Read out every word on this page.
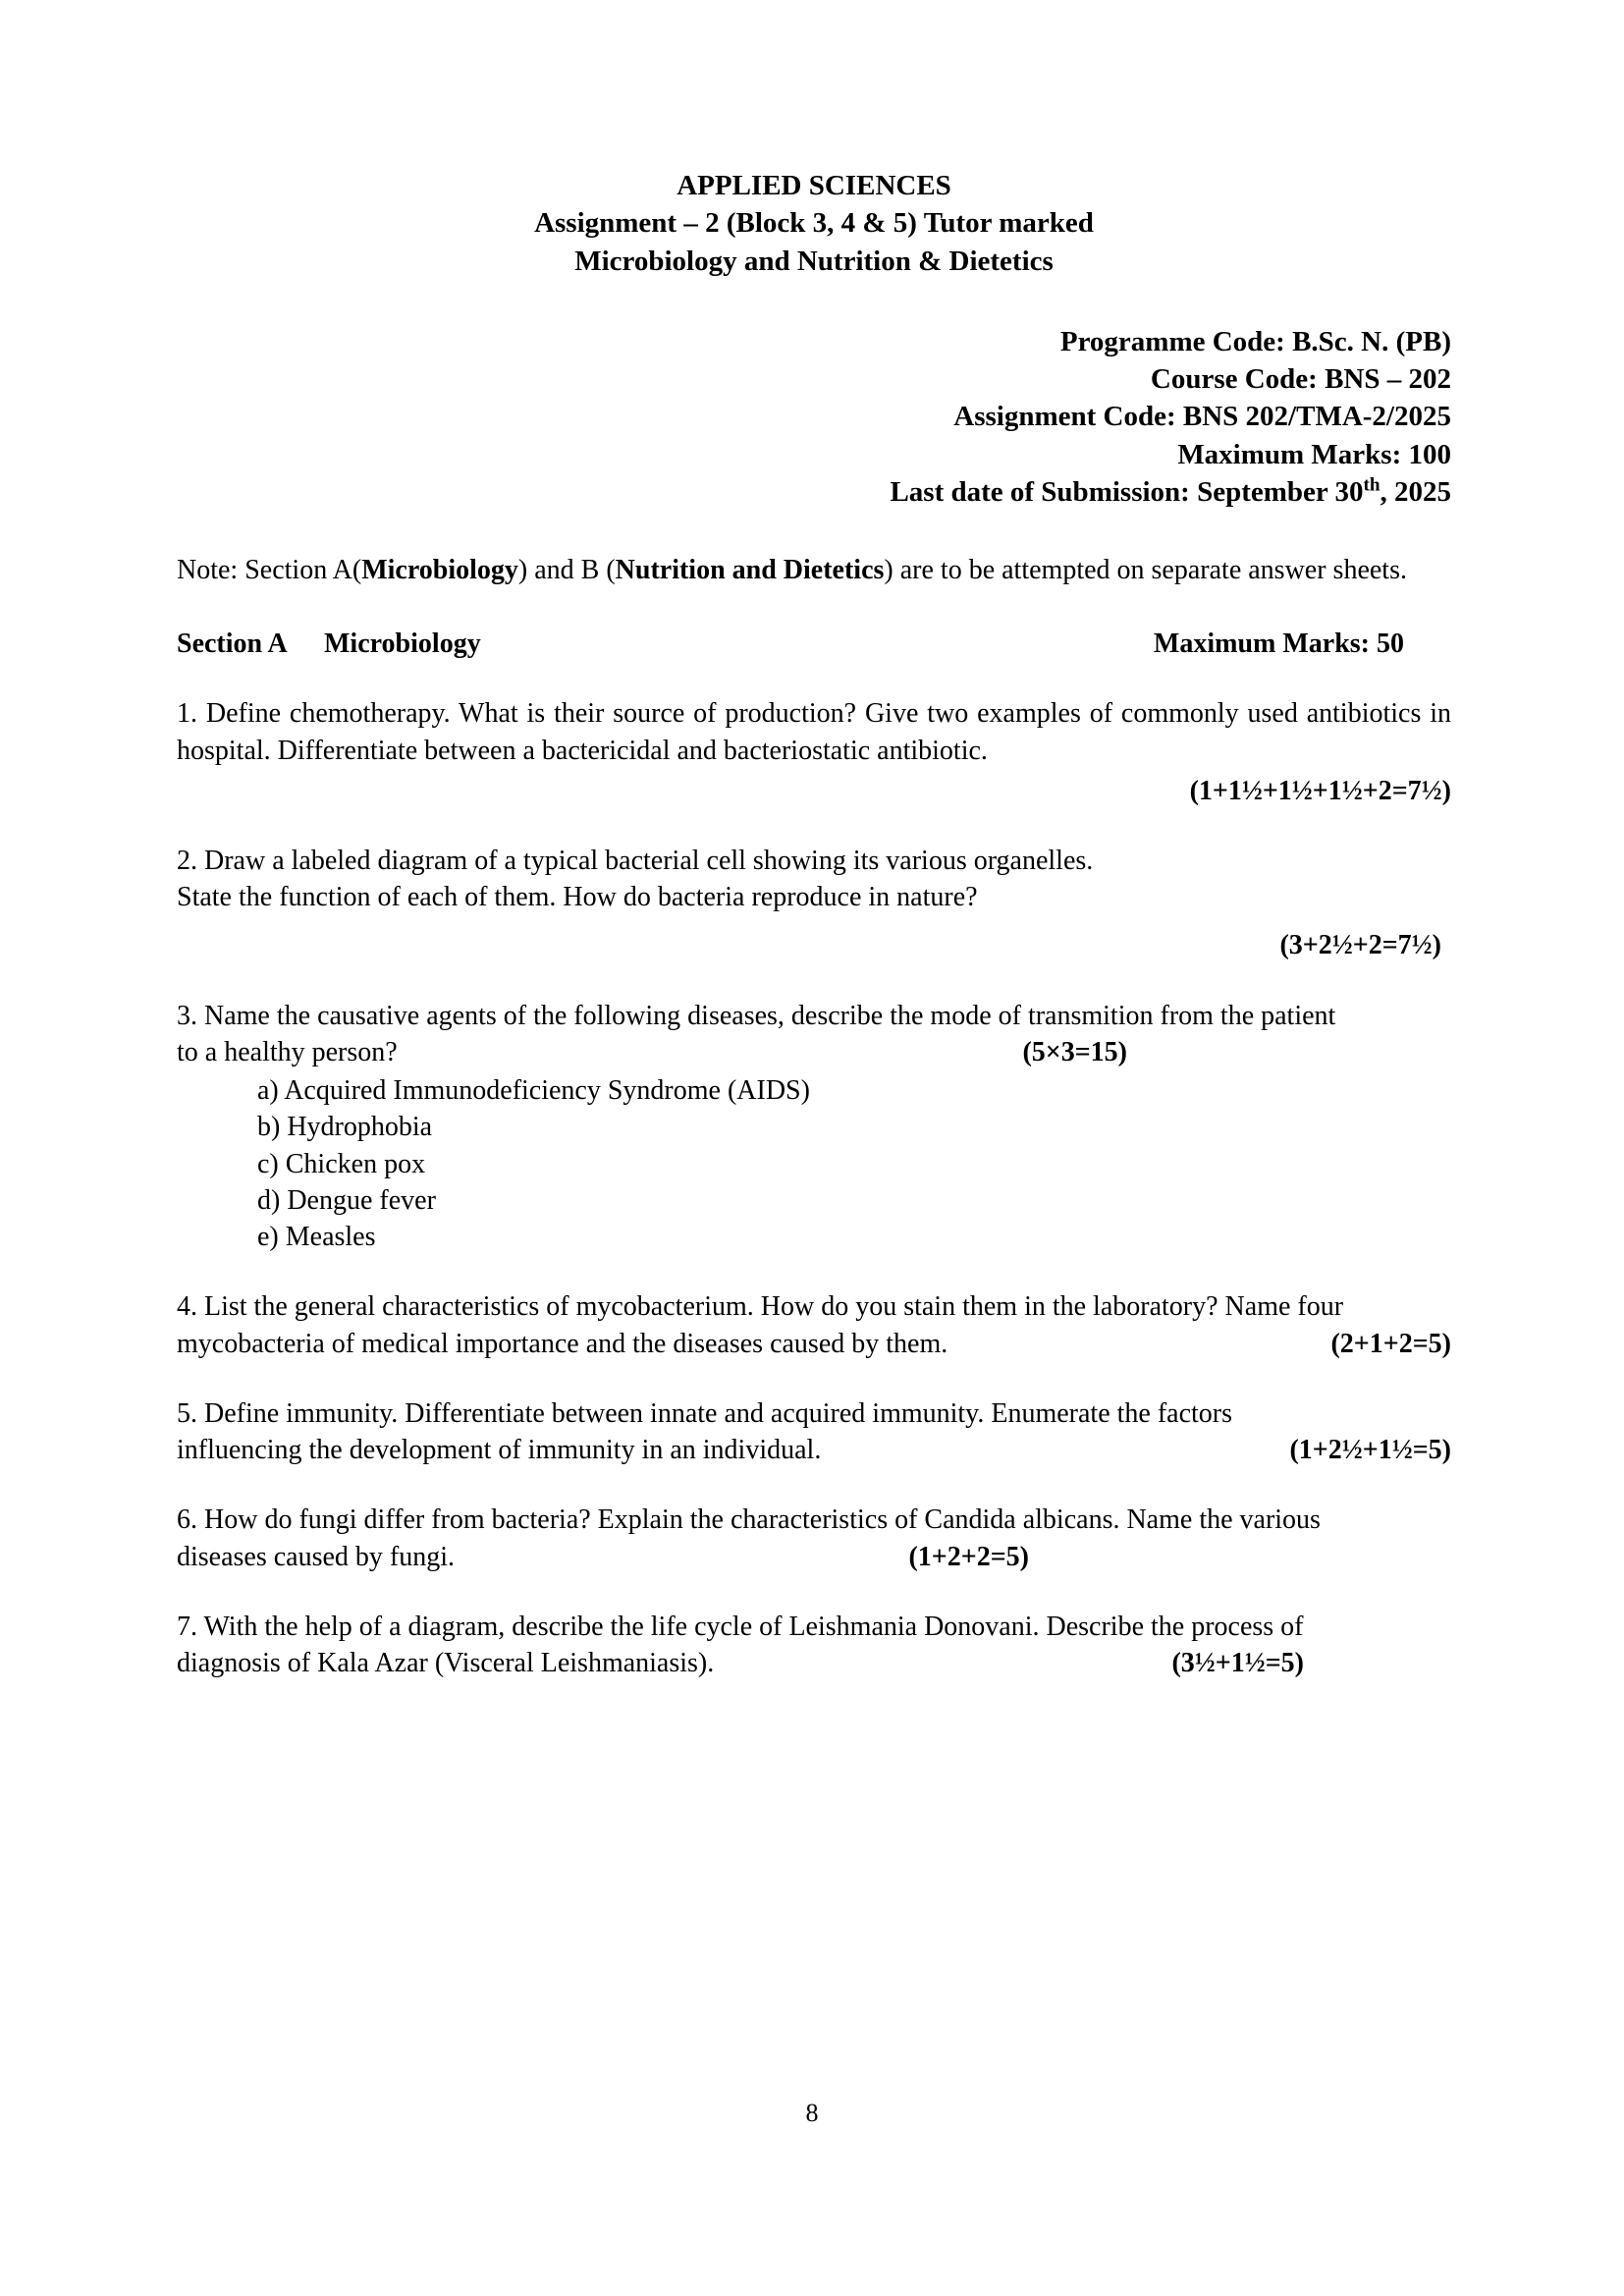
APPLIED SCIENCES
Assignment – 2 (Block 3, 4 & 5) Tutor marked
Microbiology and Nutrition & Dietetics
Programme Code: B.Sc. N. (PB)
Course Code: BNS – 202
Assignment Code: BNS 202/TMA-2/2025
Maximum Marks: 100
Last date of Submission: September 30th, 2025
Note: Section A(Microbiology) and B (Nutrition and Dietetics) are to be attempted on separate answer sheets.
Section A	Microbiology	Maximum Marks: 50
1. Define chemotherapy. What is their source of production? Give two examples of commonly used antibiotics in hospital. Differentiate between a bactericidal and bacteriostatic antibiotic.
(1+1½+1½+1½+2=7½)
2. Draw a labeled diagram of a typical bacterial cell showing its various organelles.
State the function of each of them. How do bacteria reproduce in nature?
(3+2½+2=7½)
3. Name the causative agents of the following diseases, describe the mode of transmition from the patient
to a healthy person?	(5×3=15)
a) Acquired Immunodeficiency Syndrome (AIDS)
b) Hydrophobia
c) Chicken pox
d) Dengue fever
e) Measles
4. List the general characteristics of mycobacterium. How do you stain them in the laboratory? Name four
mycobacteria of medical importance and the diseases caused by them.	(2+1+2=5)
5. Define immunity. Differentiate between innate and acquired immunity. Enumerate the factors
influencing the development of immunity in an individual.	(1+2½+1½=5)
6. How do fungi differ from bacteria? Explain the characteristics of Candida albicans. Name the various
diseases caused by fungi.	(1+2+2=5)
7. With the help of a diagram, describe the life cycle of Leishmania Donovani. Describe the process of
diagnosis of Kala Azar (Visceral Leishmaniasis).	(3½+1½=5)
8
